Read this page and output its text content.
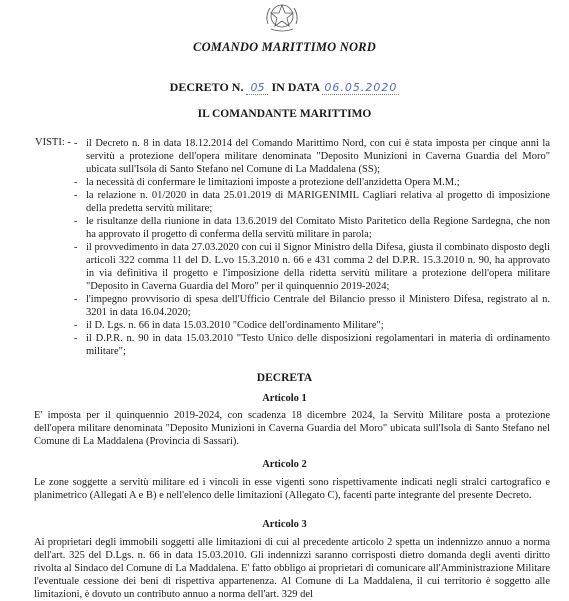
COMANDO MARITTIMO NORD
DECRETO N. 05 IN DATA 06.05.2020
IL COMANDANTE MARITTIMO
VISTI: -
-	il Decreto n. 8 in data 18.12.2014 del Comando Marittimo Nord, con cui è stata imposta per cinque anni la servitù a protezione dell'opera militare denominata "Deposito Munizioni in Caverna Guardia del Moro" ubicata sull'Isola di Santo Stefano nel Comune di La Maddalena (SS);
- la necessità di confermare le limitazioni imposte a protezione dell'anzidetta Opera M.M.;
- la relazione n. 01/2020 in data 25.01.2019 di MARIGENIMIL Cagliari relativa al progetto di imposizione della predetta servitù militare;
- le risultanze della riunione in data 13.6.2019 del Comitato Misto Paritetico della Regione Sardegna, che non ha approvato il progetto di conferma della servitù militare in parola;
- il provvedimento in data 27.03.2020 con cui il Signor Ministro della Difesa, giusta il combinato disposto degli articoli 322 comma 11 del D. L.vo 15.3.2010 n. 66 e 431 comma 2 del D.P.R. 15.3.2010 n. 90, ha approvato in via definitiva il progetto e l'imposizione della ridetta servitù militare a protezione dell'opera militare "Deposito in Caverna Guardia del Moro" per il quinquennio 2019-2024;
- l'impegno provvisorio di spesa dell'Ufficio Centrale del Bilancio presso il Ministero Difesa, registrato al n. 3201 in data 16.04.2020;
- il D. Lgs. n. 66 in data 15.03.2010 "Codice dell'ordinamento Militare";
- il D.P.R. n. 90 in data 15.03.2010 "Testo Unico delle disposizioni regolamentari in materia di ordinamento militare";
DECRETA
Articolo 1

E' imposta per il quinquennio 2019-2024, con scadenza 18 dicembre 2024, la Servitù Militare posta a protezione dell'opera militare denominata "Deposito Munizioni in Caverna Guardia del Moro" ubicata sull'Isola di Santo Stefano nel Comune di La Maddalena (Provincia di Sassari).

Articolo 2

Le zone soggette a servitù militare ed i vincoli in esse vigenti sono rispettivamente indicati negli stralci cartografico e planimetrico (Allegati A e B) e nell'elenco delle limitazioni (Allegato C), facenti parte integrante del presente Decreto.

Articolo 3

Ai proprietari degli immobili soggetti alle limitazioni di cui al precedente articolo 2 spetta un indennizzo annuo a norma dell'art. 325 del D.Lgs. n. 66 in data 15.03.2010. Gli indennizzi saranno corrisposti dietro domanda degli aventi diritto rivolta al Sindaco del Comune di La Maddalena. E' fatto obbligo ai proprietari di comunicare all'Amministrazione Militare l'eventuale cessione dei beni di rispettiva appartenenza. Al Comune di La Maddalena, il cui territorio è soggetto alle limitazioni, è dovuto un contributo annuo a norma dell'art. 329 del
